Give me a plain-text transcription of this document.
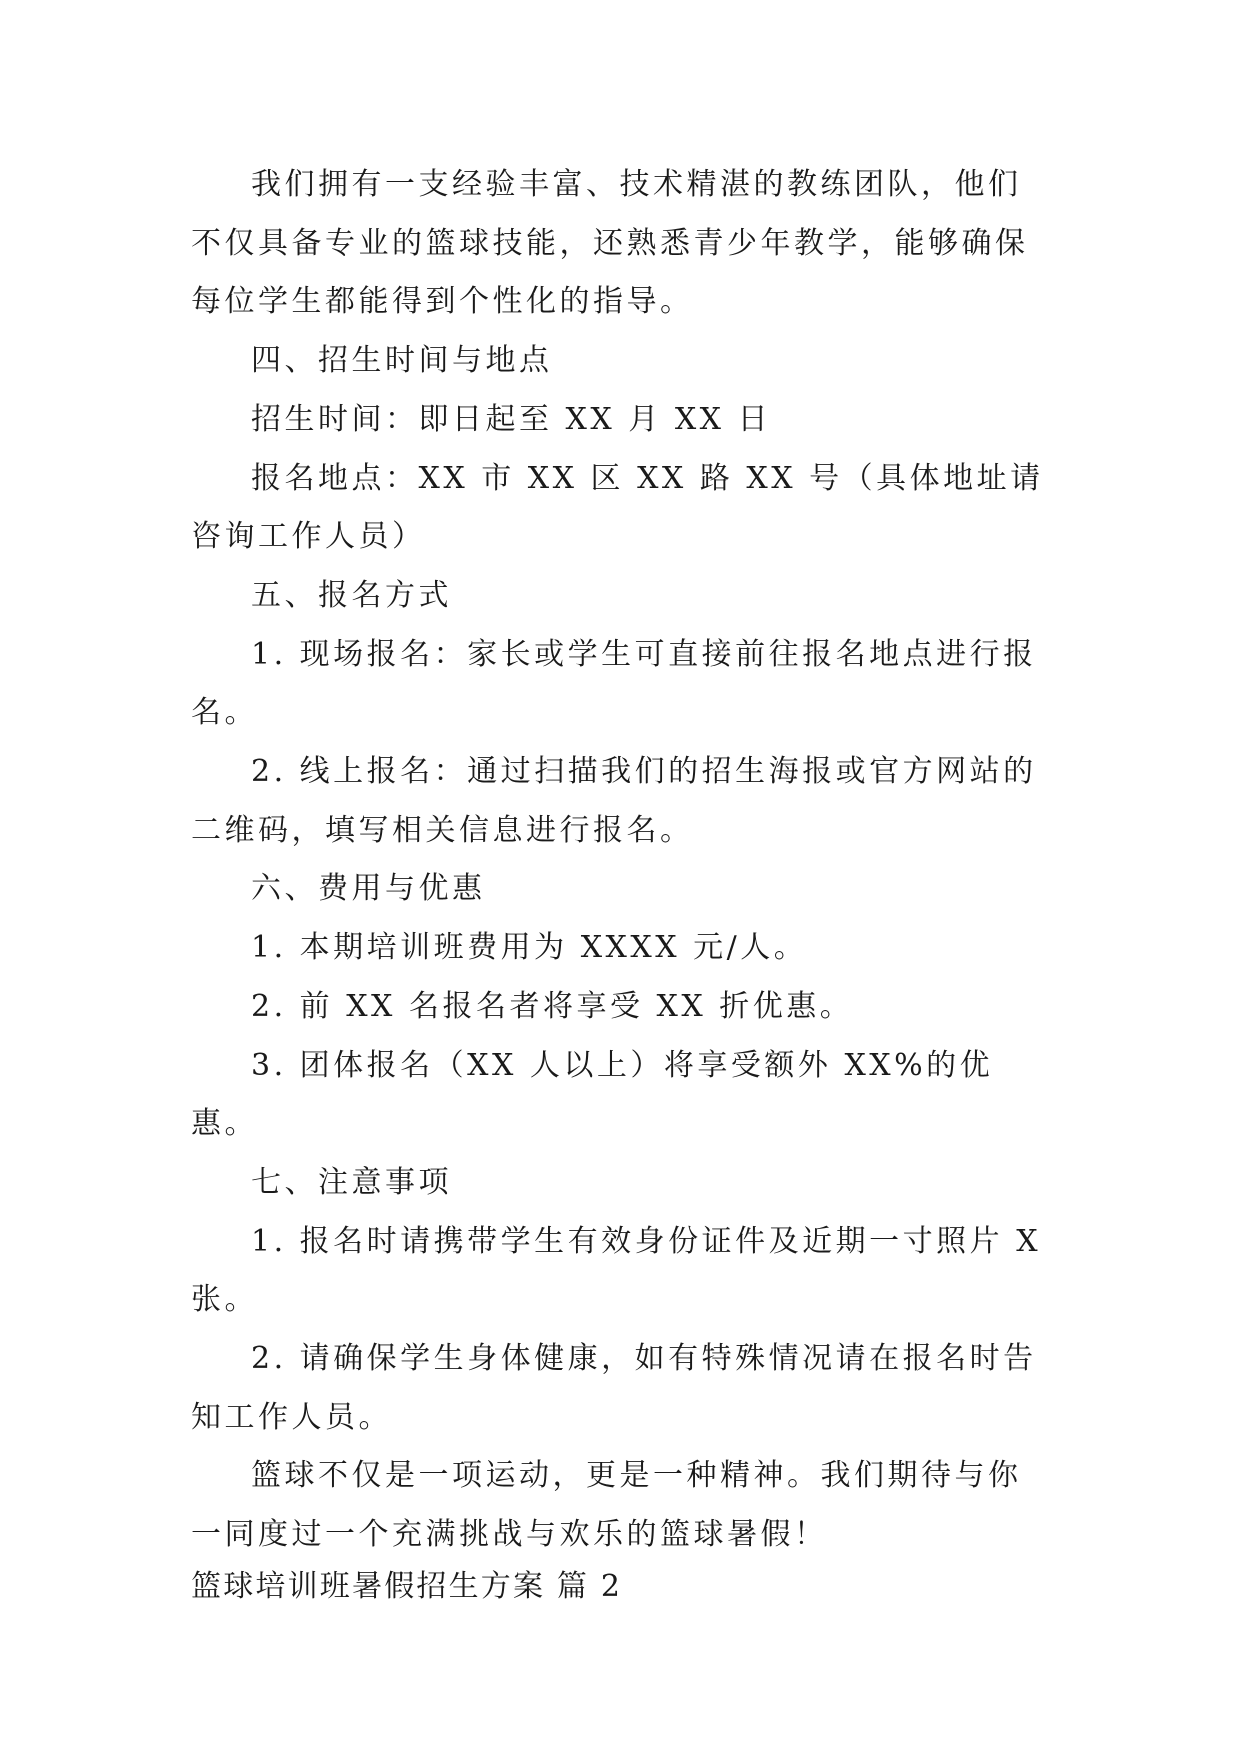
我们拥有一支经验丰富、技术精湛的教练团队，他们不仅具备专业的篮球技能，还熟悉青少年教学，能够确保每位学生都能得到个性化的指导。

四、招生时间与地点

招生时间：即日起至 XX 月 XX 日

报名地点：XX 市 XX 区 XX 路 XX 号（具体地址请咨询工作人员）

五、报名方式

1. 现场报名：家长或学生可直接前往报名地点进行报名。

2. 线上报名：通过扫描我们的招生海报或官方网站的二维码，填写相关信息进行报名。

六、费用与优惠

1. 本期培训班费用为 XXXX 元/人。

2. 前 XX 名报名者将享受 XX 折优惠。

3. 团体报名（XX 人以上）将享受额外 XX%的优惠。

七、注意事项

1. 报名时请携带学生有效身份证件及近期一寸照片 X 张。

2. 请确保学生身体健康，如有特殊情况请在报名时告知工作人员。

篮球不仅是一项运动，更是一种精神。我们期待与你一同度过一个充满挑战与欢乐的篮球暑假！

篮球培训班暑假招生方案 篇 2
